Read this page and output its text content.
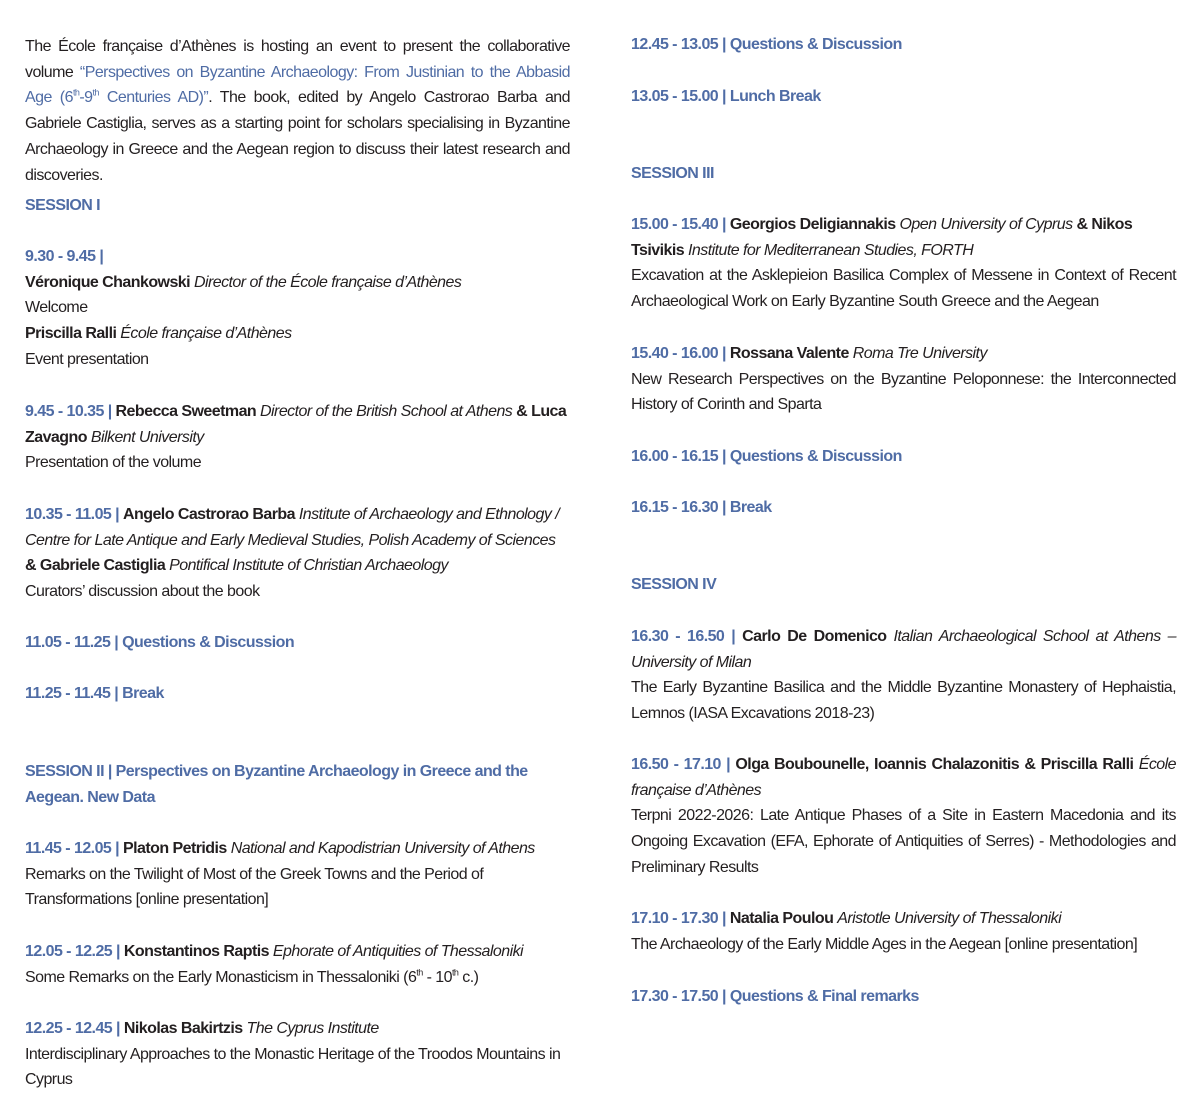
The École française d’Athènes is hosting an event to present the collaborative volume “Perspectives on Byzantine Archaeology: From Justinian to the Abbasid Age (6th-9th Centuries AD)”. The book, edited by Angelo Castrorao Barba and Gabriele Castiglia, serves as a starting point for scholars specialising in Byzantine Archaeology in Greece and the Aegean region to discuss their latest research and discoveries.
SESSION I
9.30 - 9.45 |
Véronique Chankowski Director of the École française d’Athènes
Welcome
Priscilla Ralli École française d’Athènes
Event presentation
9.45 - 10.35 | Rebecca Sweetman Director of the British School at Athens & Luca Zavagno Bilkent University
Presentation of the volume
10.35 - 11.05 | Angelo Castrorao Barba Institute of Archaeology and Ethnology / Centre for Late Antique and Early Medieval Studies, Polish Academy of Sciences & Gabriele Castiglia Pontifical Institute of Christian Archaeology
Curators’ discussion about the book
11.05 - 11.25 | Questions & Discussion
11.25 - 11.45 | Break
SESSION II | Perspectives on Byzantine Archaeology in Greece and the
Aegean. New Data
11.45 - 12.05 | Platon Petridis National and Kapodistrian University of Athens
Remarks on the Twilight of Most of the Greek Towns and the Period of
Transformations [online presentation]
12.05 - 12.25 | Konstantinos Raptis Ephorate of Antiquities of Thessaloniki
Some Remarks on the Early Monasticism in Thessaloniki (6th - 10th c.)
12.25 - 12.45 | Nikolas Bakirtzis The Cyprus Institute
Interdisciplinary Approaches to the Monastic Heritage of the Troodos Mountains in
Cyprus
12.45 - 13.05 | Questions & Discussion
13.05 - 15.00 | Lunch Break
SESSION III
15.00 - 15.40 | Georgios Deligiannakis Open University of Cyprus & Nikos
Tsivikis Institute for Mediterranean Studies, FORTH
Excavation at the Asklepieion Basilica Complex of Messene in Context of Recent Archaeological Work on Early Byzantine South Greece and the Aegean
15.40 - 16.00 | Rossana Valente Roma Tre University
New Research Perspectives on the Byzantine Peloponnese: the Interconnected History of Corinth and Sparta
16.00 - 16.15 | Questions & Discussion
16.15 - 16.30 | Break
SESSION IV
16.30 - 16.50 | Carlo De Domenico Italian Archaeological School at Athens – University of Milan
The Early Byzantine Basilica and the Middle Byzantine Monastery of Hephaistia, Lemnos (IASA Excavations 2018-23)
16.50 - 17.10 | Olga Boubounelle, Ioannis Chalazonitis & Priscilla Ralli École française d’Athènes
Terpni 2022-2026: Late Antique Phases of a Site in Eastern Macedonia and its Ongoing Excavation (EFA, Ephorate of Antiquities of Serres) - Methodologies and Preliminary Results
17.10 - 17.30 | Natalia Poulou Aristotle University of Thessaloniki
The Archaeology of the Early Middle Ages in the Aegean [online presentation]
17.30 - 17.50 | Questions & Final remarks
